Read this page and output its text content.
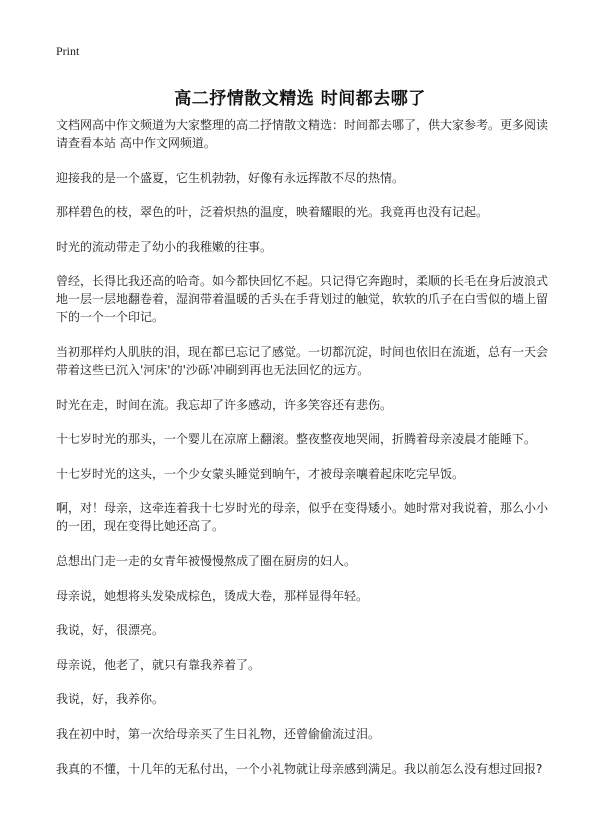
Print
高二抒情散文精选 时间都去哪了

文档网高中作文频道为大家整理的高二抒情散文精选：时间都去哪了，供大家参考。更多阅读请查看本站 高中作文网频道。

迎接我的是一个盛夏，它生机勃勃，好像有永远挥散不尽的热情。

那样碧色的枝，翠色的叶，泛着炽热的温度，映着耀眼的光。我竟再也没有记起。

时光的流动带走了幼小的我稚嫩的往事。

曾经，长得比我还高的哈奇。如今都快回忆不起。只记得它奔跑时，柔顺的长毛在身后波浪式地一层一层地翻卷着，湿润带着温暖的舌头在手背划过的触觉，软软的爪子在白雪似的墙上留下的一个一个印记。

当初那样灼人肌肤的泪，现在都已忘记了感觉。一切都沉淀，时间也依旧在流逝，总有一天会带着这些已沉入'河床'的'沙砾'冲刷到再也无法回忆的远方。

时光在走，时间在流。我忘却了许多感动，许多笑容还有悲伤。

十七岁时光的那头，一个婴儿在凉席上翻滚。整夜整夜地哭闹，折腾着母亲凌晨才能睡下。

十七岁时光的这头，一个少女蒙头睡觉到晌午，才被母亲嚷着起床吃完早饭。

啊，对！母亲，这牵连着我十七岁时光的母亲，似乎在变得矮小。她时常对我说着，那么小小的一团，现在变得比她还高了。

总想出门走一走的女青年被慢慢熬成了圈在厨房的妇人。

母亲说，她想将头发染成棕色，烫成大卷，那样显得年轻。

我说，好，很漂亮。

母亲说，他老了，就只有靠我养着了。

我说，好，我养你。

我在初中时，第一次给母亲买了生日礼物，还曾偷偷流过泪。

我真的不懂，十几年的无私付出，一个小礼物就让母亲感到满足。我以前怎么没有想过回报?
